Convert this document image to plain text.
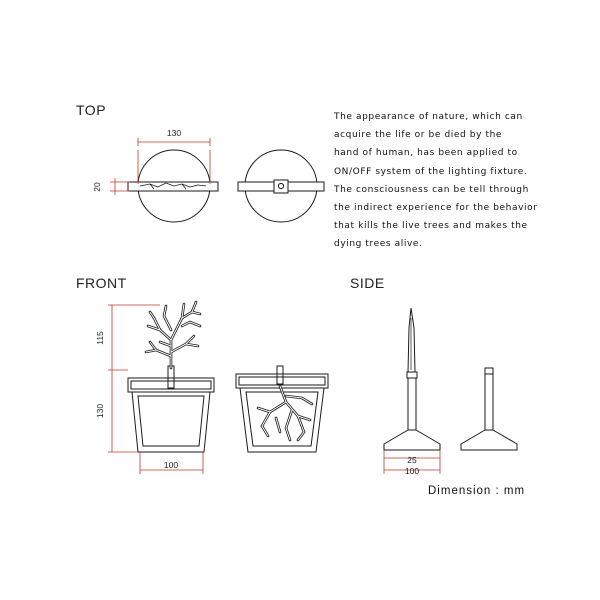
TOP
FRONT	SIDE
The appearance of nature, which can
acquire the life or be died by the
hand of human, has been applied to
ON/OFF system of the lighting fixture.
The consciousness can be tell through
the indirect experience for the behavior
that kills the live trees and makes the
dying trees alive.
Dimension : mm
130
20
115
130
100	25
100
